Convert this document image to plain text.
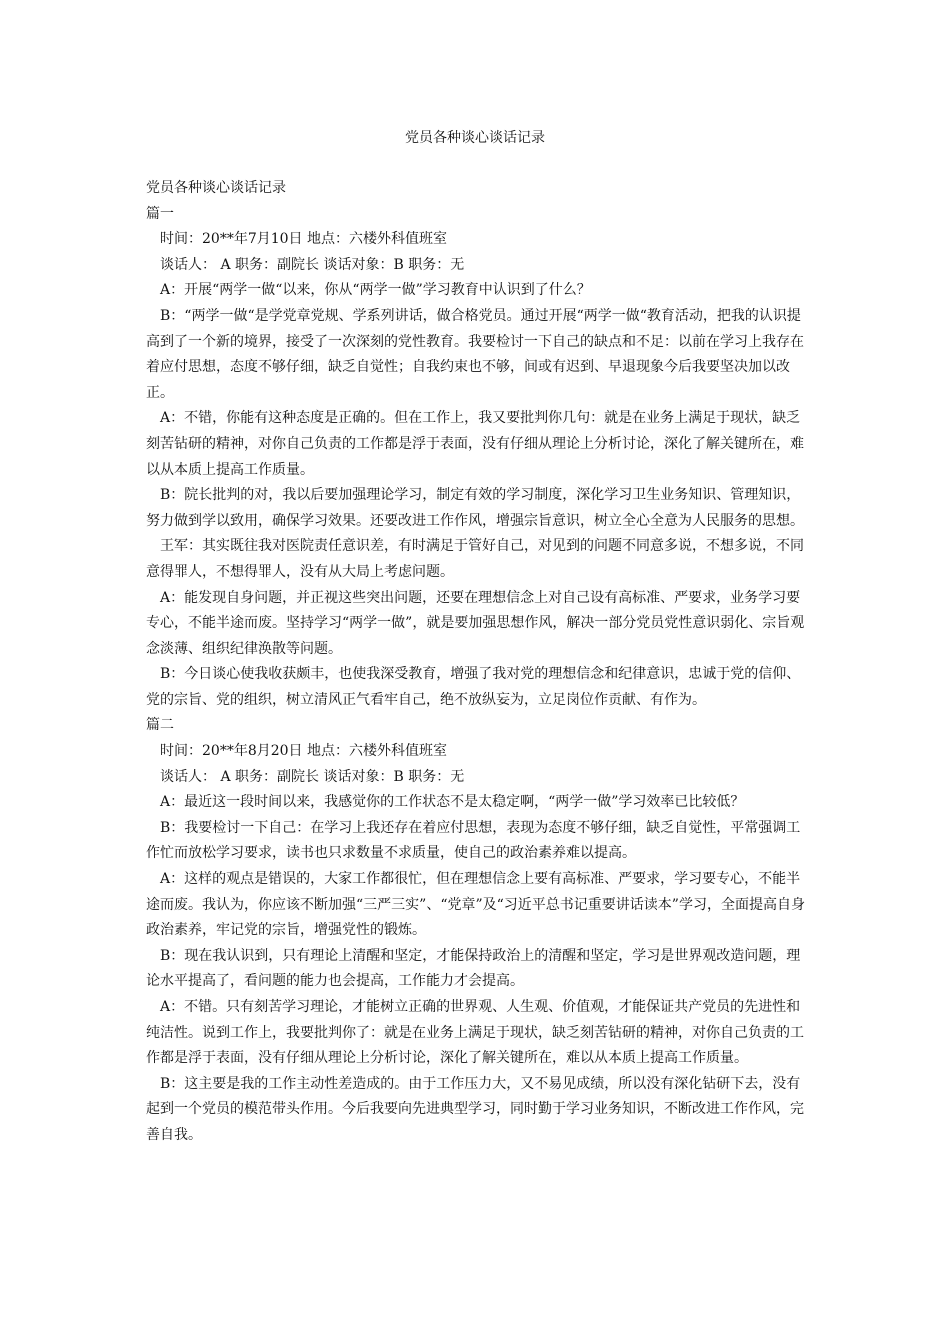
党员各种谈心谈话记录

党员各种谈心谈话记录

篇一

时间：20**年7月10日 地点：六楼外科值班室

谈话人： A 职务：副院长 谈话对象：B 职务：无

A：开展“两学一做“以来，你从“两学一做”学习教育中认识到了什么？

B：“两学一做“是学党章党规、学系列讲话，做合格党员。通过开展“两学一做“教育活动，把我的认识提高到了一个新的境界，接受了一次深刻的党性教育。我要检讨一下自己的缺点和不足：以前在学习上我存在着应付思想，态度不够仔细，缺乏自觉性；自我约束也不够，间或有迟到、早退现象今后我要坚决加以改正。

A：不错，你能有这种态度是正确的。但在工作上，我又要批判你几句：就是在业务上满足于现状，缺乏刻苦钻研的精神，对你自己负责的工作都是浮于表面，没有仔细从理论上分析讨论，深化了解关键所在，难以从本质上提高工作质量。

B：院长批判的对，我以后要加强理论学习，制定有效的学习制度，深化学习卫生业务知识、管理知识，努力做到学以致用，确保学习效果。还要改进工作作风，增强宗旨意识，树立全心全意为人民服务的思想。

王军：其实既往我对医院责任意识差，有时满足于管好自己，对见到的问题不同意多说，不想多说，不同意得罪人，不想得罪人，没有从大局上考虑问题。

A：能发现自身问题，并正视这些突出问题，还要在理想信念上对自己设有高标准、严要求，业务学习要专心，不能半途而废。坚持学习“两学一做”，就是要加强思想作风，解决一部分党员党性意识弱化、宗旨观念淡薄、组织纪律涣散等问题。

B：今日谈心使我收获颇丰，也使我深受教育，增强了我对党的理想信念和纪律意识，忠诚于党的信仰、党的宗旨、党的组织，树立清风正气看牢自己，绝不放纵妄为，立足岗位作贡献、有作为。

篇二

时间：20**年8月20日 地点：六楼外科值班室

谈话人： A 职务：副院长 谈话对象：B 职务：无

A：最近这一段时间以来，我感觉你的工作状态不是太稳定啊，“两学一做”学习效率已比较低？

B：我要检讨一下自己：在学习上我还存在着应付思想，表现为态度不够仔细，缺乏自觉性，平常强调工作忙而放松学习要求，读书也只求数量不求质量，使自己的政治素养难以提高。

A：这样的观点是错误的，大家工作都很忙，但在理想信念上要有高标准、严要求，学习要专心，不能半途而废。我认为，你应该不断加强“三严三实”、“党章”及“习近平总书记重要讲话读本”学习，全面提高自身政治素养，牢记党的宗旨，增强党性的锻炼。

B：现在我认识到，只有理论上清醒和坚定，才能保持政治上的清醒和坚定，学习是世界观改造问题，理论水平提高了，看问题的能力也会提高，工作能力才会提高。

A：不错。只有刻苦学习理论，才能树立正确的世界观、人生观、价值观，才能保证共产党员的先进性和纯洁性。说到工作上，我要批判你了：就是在业务上满足于现状，缺乏刻苦钻研的精神，对你自己负责的工作都是浮于表面，没有仔细从理论上分析讨论，深化了解关键所在，难以从本质上提高工作质量。

B：这主要是我的工作主动性差造成的。由于工作压力大，又不易见成绩，所以没有深化钻研下去，没有起到一个党员的模范带头作用。今后我要向先进典型学习，同时勤于学习业务知识，不断改进工作作风，完善自我。
